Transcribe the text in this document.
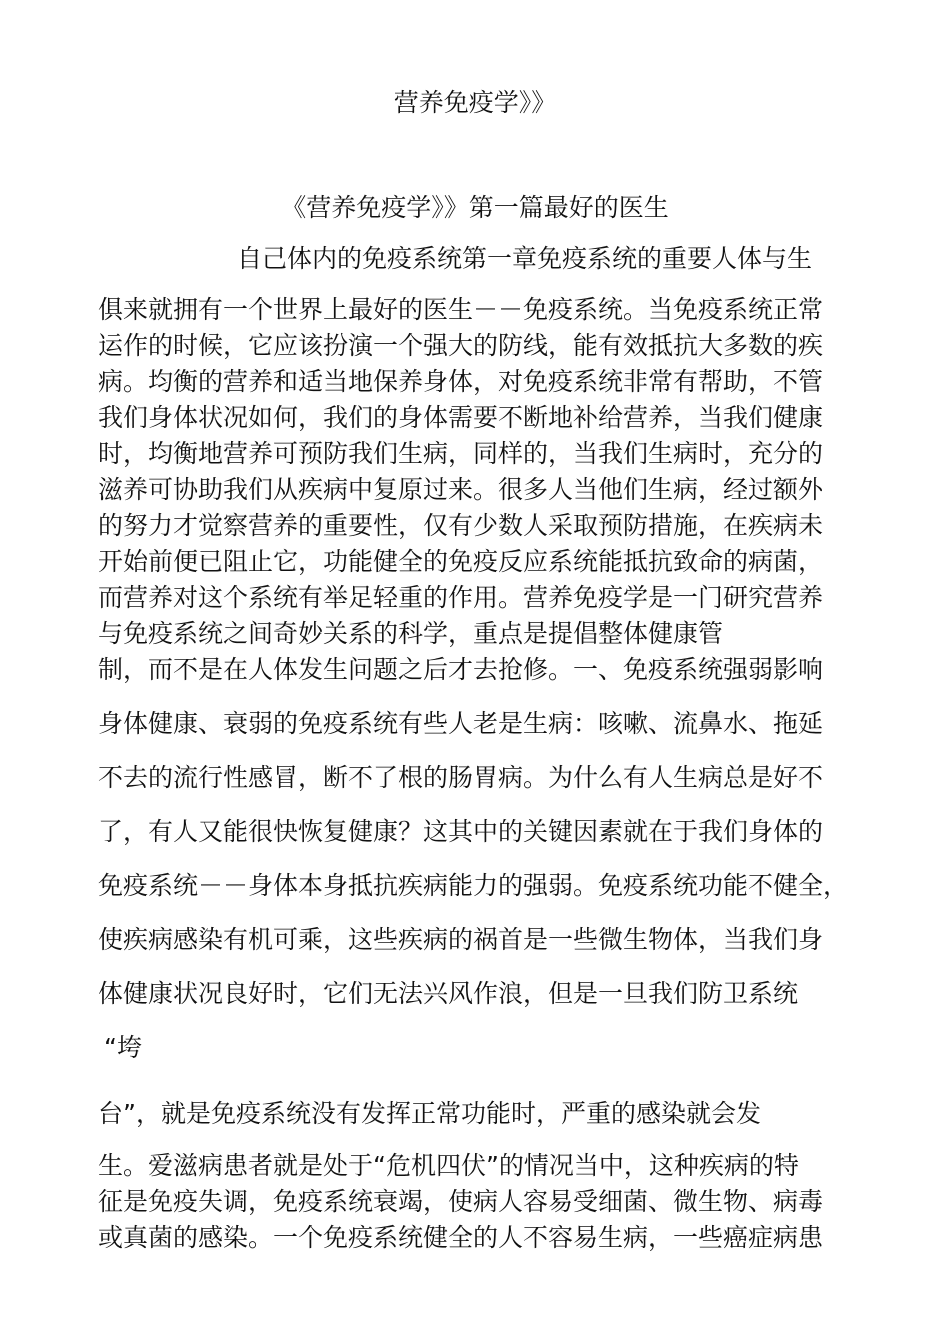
营养免疫学》》
《营养免疫学》》第一篇最好的医生
自己体内的免疫系统第一章免疫系统的重要人体与生
俱来就拥有一个世界上最好的医生－－免疫系统。当免疫系统正常
运作的时候，它应该扮演一个强大的防线，能有效抵抗大多数的疾
病。均衡的营养和适当地保养身体，对免疫系统非常有帮助，不管
我们身体状况如何，我们的身体需要不断地补给营养，当我们健康
时，均衡地营养可预防我们生病，同样的，当我们生病时，充分的
滋养可协助我们从疾病中复原过来。很多人当他们生病，经过额外
的努力才觉察营养的重要性，仅有少数人采取预防措施，在疾病未
开始前便已阻止它，功能健全的免疫反应系统能抵抗致命的病菌，
而营养对这个系统有举足轻重的作用。营养免疫学是一门研究营养
与免疫系统之间奇妙关系的科学，重点是提倡整体健康管
制，而不是在人体发生问题之后才去抢修。一、免疫系统强弱影响
身体健康、衰弱的免疫系统有些人老是生病：咳嗽、流鼻水、拖延
不去的流行性感冒，断不了根的肠胃病。为什么有人生病总是好不
了，有人又能很快恢复健康？这其中的关键因素就在于我们身体的
免疫系统－－身体本身抵抗疾病能力的强弱。免疫系统功能不健全，
使疾病感染有机可乘，这些疾病的祸首是一些微生物体，当我们身
体健康状况良好时，它们无法兴风作浪，但是一旦我们防卫系统
“垮
台”，就是免疫系统没有发挥正常功能时，严重的感染就会发
生。爱滋病患者就是处于“危机四伏”的情况当中，这种疾病的特
征是免疫失调，免疫系统衰竭，使病人容易受细菌、微生物、病毒
或真菌的感染。一个免疫系统健全的人不容易生病，一些癌症病患
